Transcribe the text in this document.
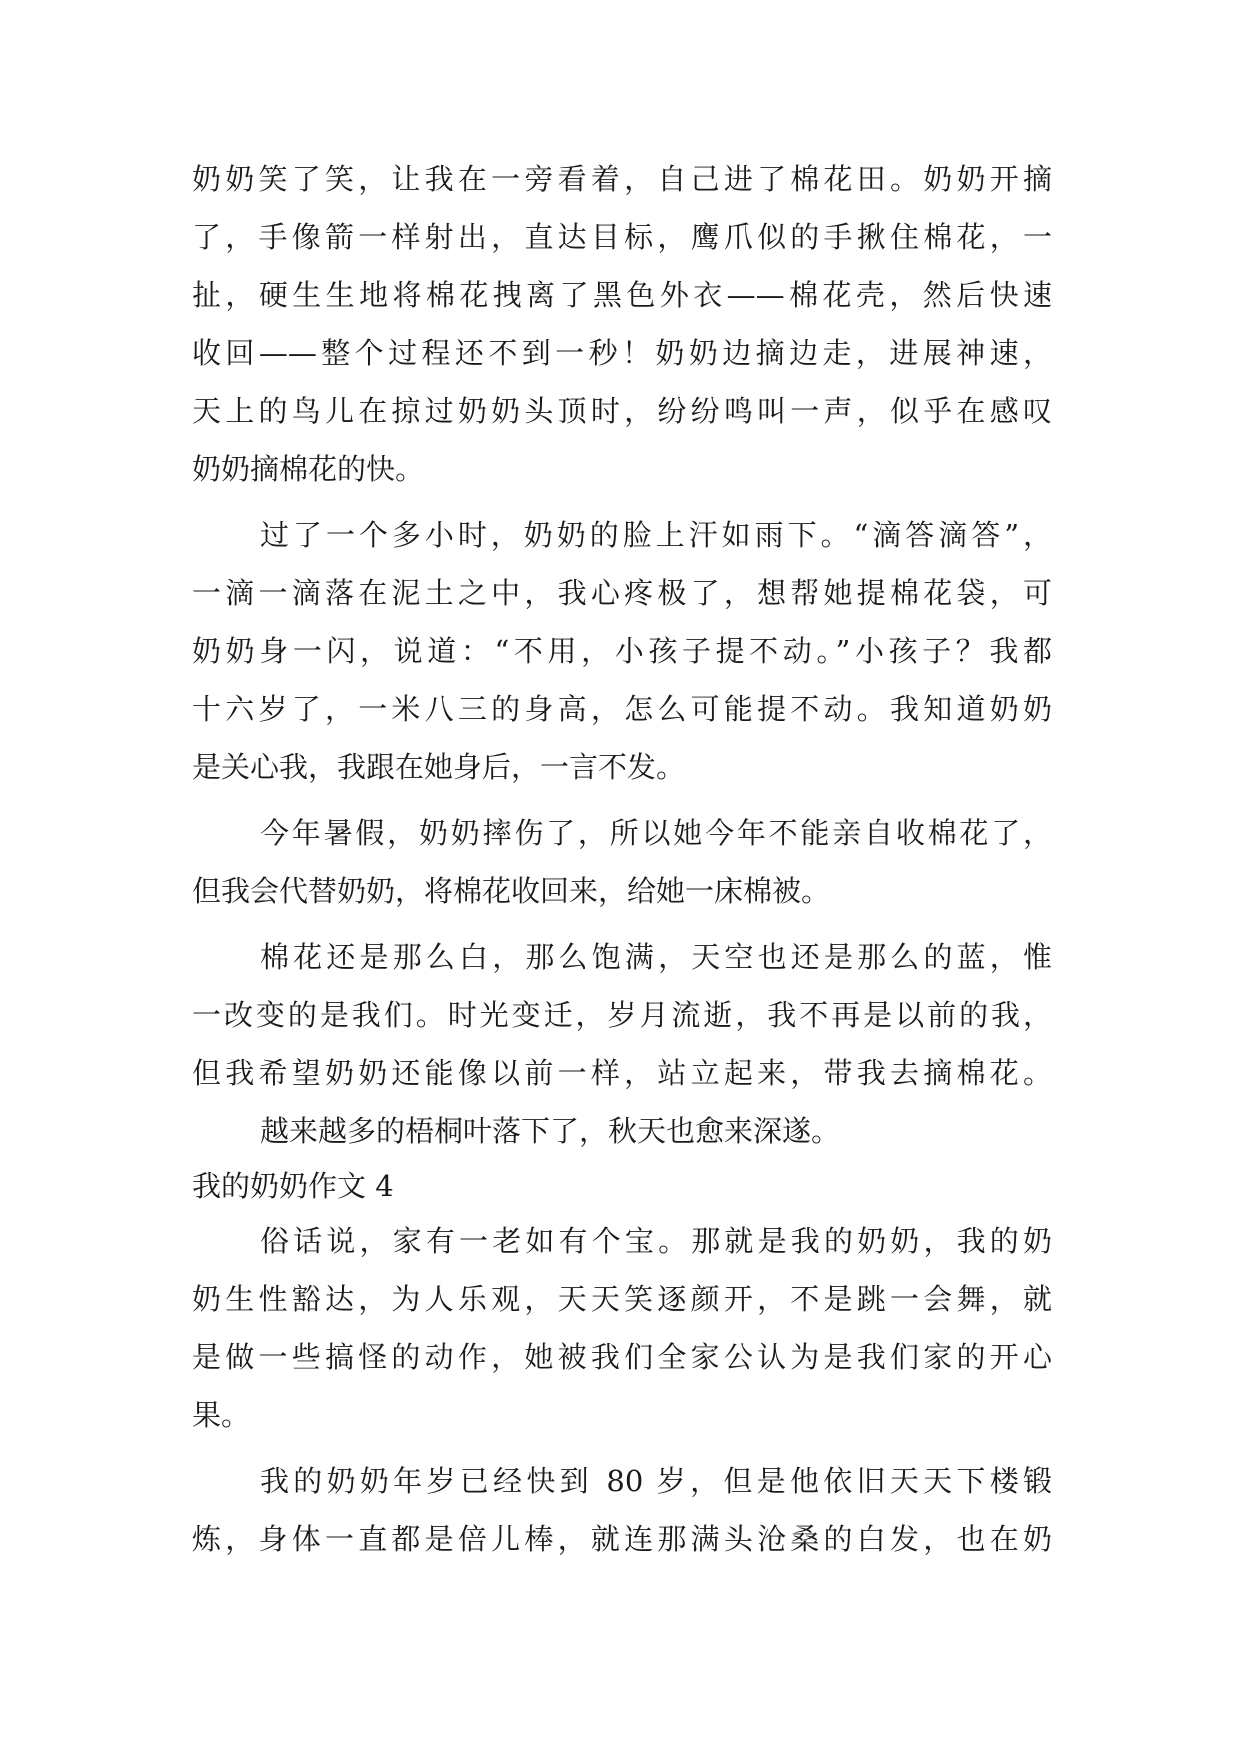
奶奶笑了笑，让我在一旁看着，自己进了棉花田。奶奶开摘
了，手像箭一样射出，直达目标，鹰爪似的手揪住棉花，一
扯，硬生生地将棉花拽离了黑色外衣——棉花壳，然后快速
收回——整个过程还不到一秒！奶奶边摘边走，进展神速，
天上的鸟儿在掠过奶奶头顶时，纷纷鸣叫一声，似乎在感叹
奶奶摘棉花的快。
过了一个多小时，奶奶的脸上汗如雨下。“滴答滴答”，
一滴一滴落在泥土之中，我心疼极了，想帮她提棉花袋，可
奶奶身一闪，说道：“不用，小孩子提不动。”小孩子？我都
十六岁了，一米八三的身高，怎么可能提不动。我知道奶奶
是关心我，我跟在她身后，一言不发。
今年暑假，奶奶摔伤了，所以她今年不能亲自收棉花了，
但我会代替奶奶，将棉花收回来，给她一床棉被。
棉花还是那么白，那么饱满，天空也还是那么的蓝，惟
一改变的是我们。时光变迁，岁月流逝，我不再是以前的我，
但我希望奶奶还能像以前一样，站立起来，带我去摘棉花。
越来越多的梧桐叶落下了，秋天也愈来深遂。
我的奶奶作文 4
俗话说，家有一老如有个宝。那就是我的奶奶，我的奶
奶生性豁达，为人乐观，天天笑逐颜开，不是跳一会舞，就
是做一些搞怪的动作，她被我们全家公认为是我们家的开心
果。
我的奶奶年岁已经快到 80 岁，但是他依旧天天下楼锻
炼，身体一直都是倍儿棒，就连那满头沧桑的白发，也在奶
